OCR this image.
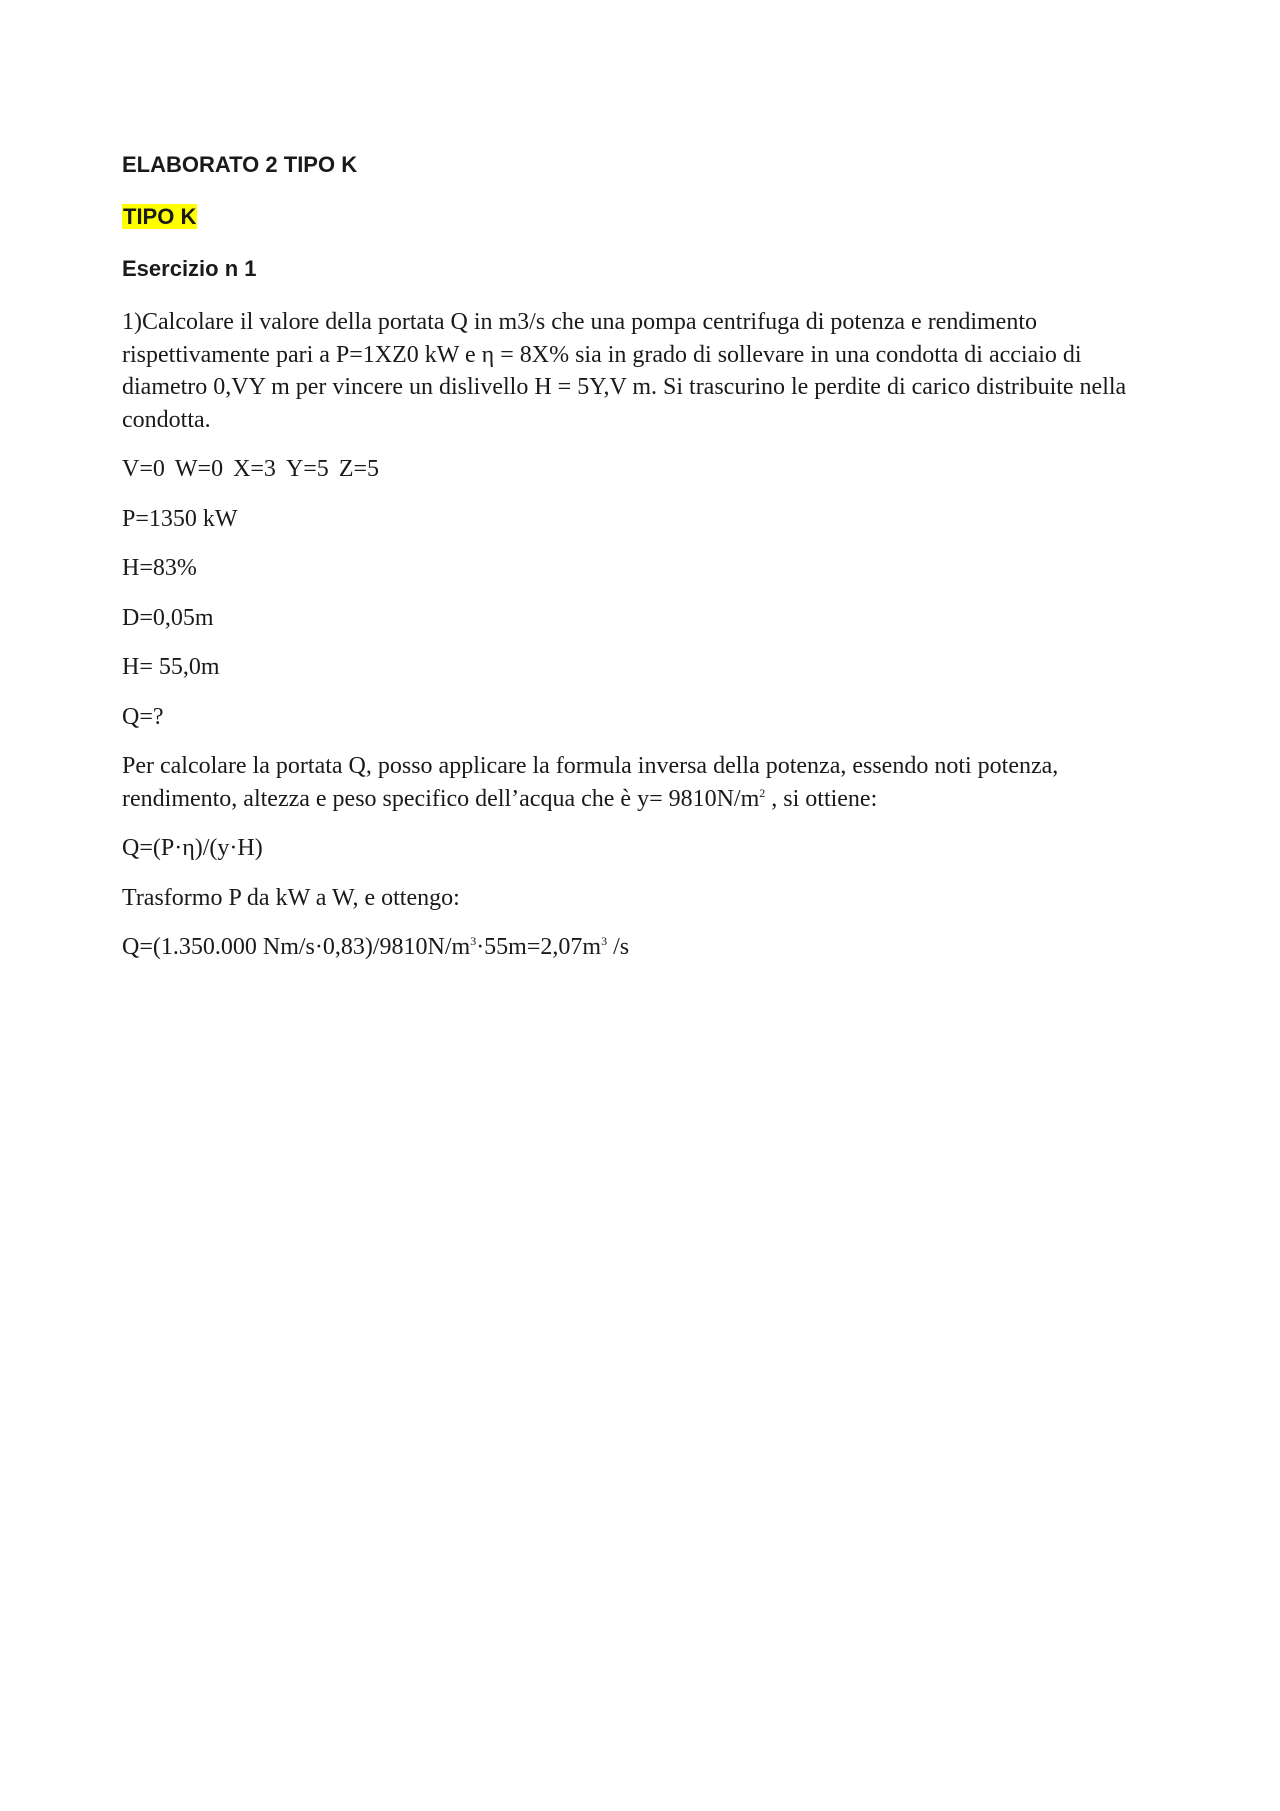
ELABORATO 2 TIPO K
TIPO K
Esercizio n 1
1)Calcolare il valore della portata Q in m3/s che una pompa centrifuga di potenza e rendimento rispettivamente pari a P=1XZ0 kW e η = 8X% sia in grado di sollevare in una condotta di acciaio di diametro 0,VY m per vincere un dislivello H = 5Y,V m. Si trascurino le perdite di carico distribuite nella condotta.
V=0 W=0 X=3 Y=5 Z=5
P=1350 kW
H=83%
D=0,05m
H= 55,0m
Q=?
Per calcolare la portata Q, posso applicare la formula inversa della potenza, essendo noti potenza, rendimento, altezza e peso specifico dell’acqua che è $y= 9810N/m^2$ , si ottiene:
Q=(P·η)/(y·H)
Trasformo P da kW a W, e ottengo:
Q=(1.350.000 $Nm/s\cdot 0,83)/9810N/m^3\cdot 55m=2,07m^3$ /s
